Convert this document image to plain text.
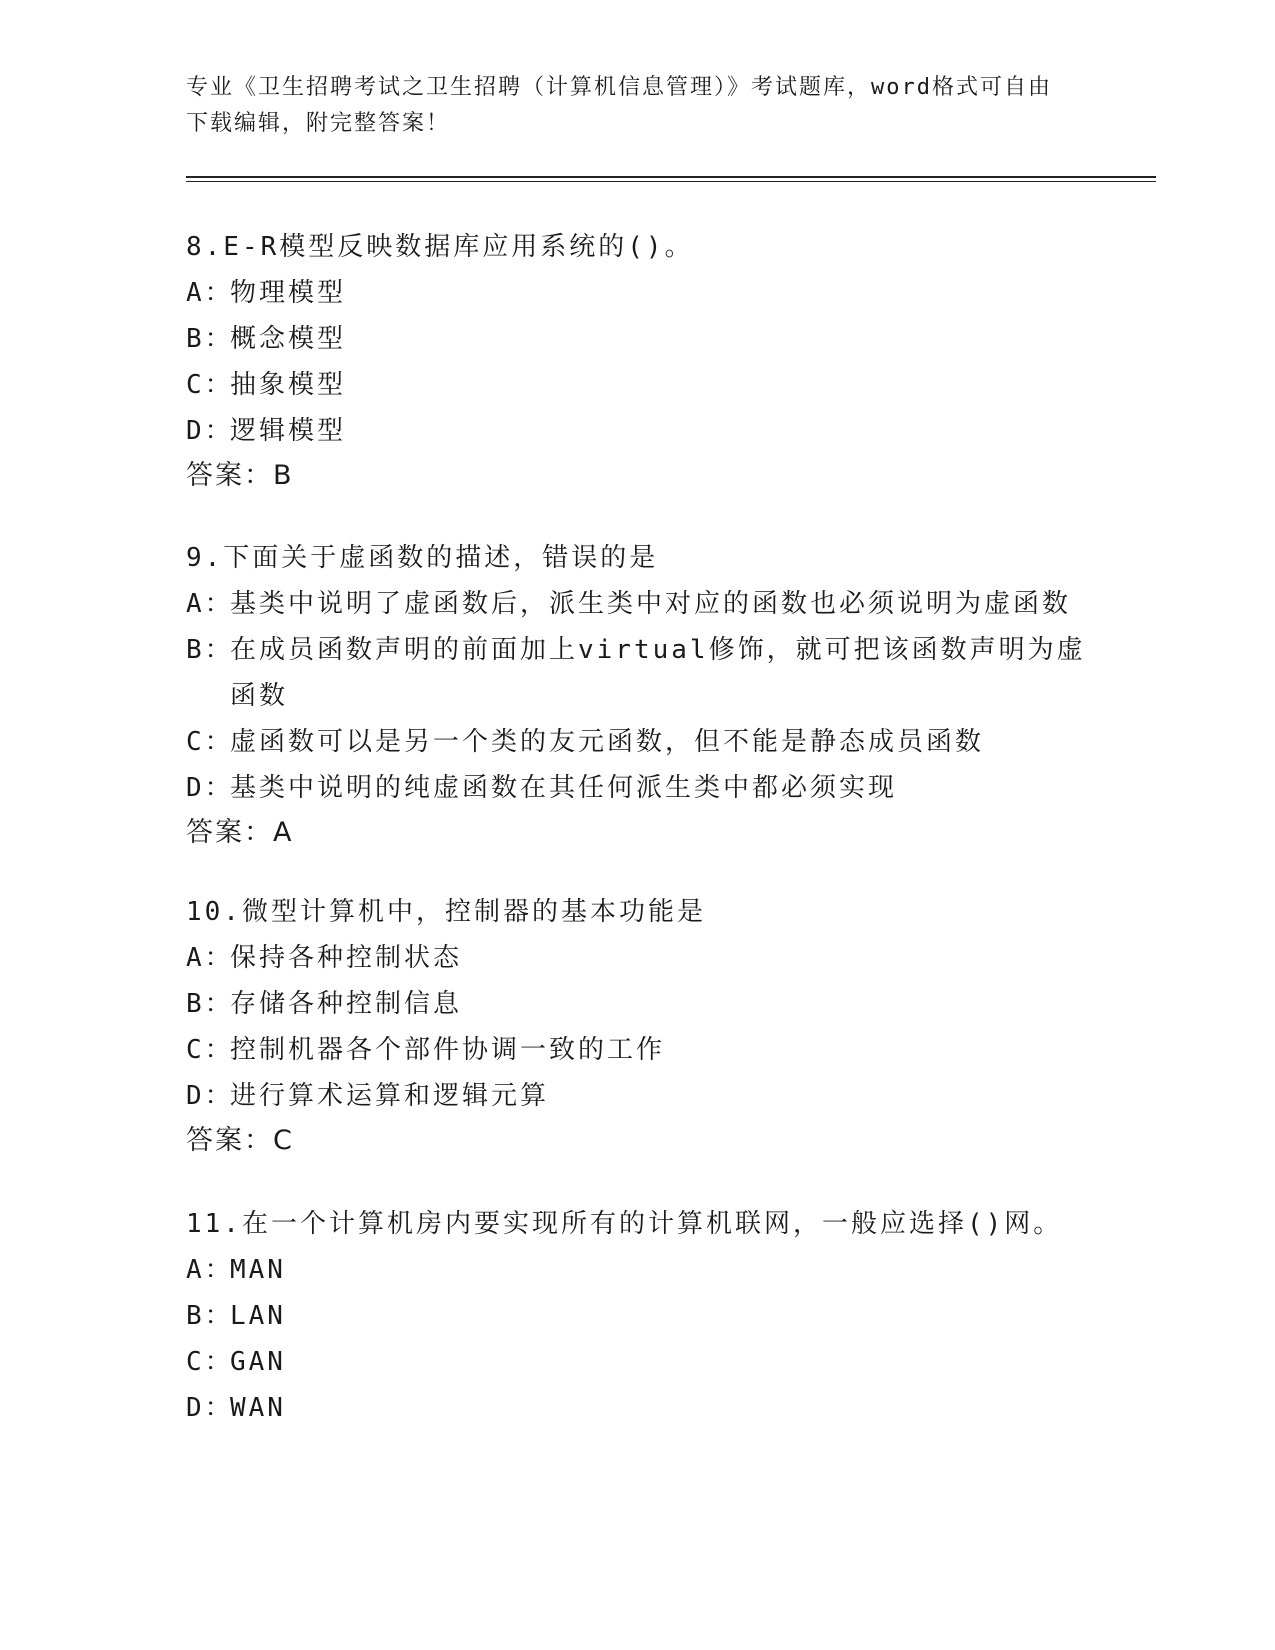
专业《卫生招聘考试之卫生招聘（计算机信息管理）》考试题库，word格式可自由下载编辑，附完整答案！
8.E-R模型反映数据库应用系统的()。
A：
物理模型
B：
概念模型
C：
抽象模型
D：
逻辑模型
答案：B
9.下面关于虚函数的描述，错误的是
A：
基类中说明了虚函数后，派生类中对应的函数也必须说明为虚函数
B：
在成员函数声明的前面加上virtual修饰，就可把该函数声明为虚函数
C：
虚函数可以是另一个类的友元函数，但不能是静态成员函数
D：
基类中说明的纯虚函数在其任何派生类中都必须实现
答案：A
10.微型计算机中，控制器的基本功能是
A：
保持各种控制状态
B：
存储各种控制信息
C：
控制机器各个部件协调一致的工作
D：
进行算术运算和逻辑元算
答案：C
11.在一个计算机房内要实现所有的计算机联网，一般应选择()网。
A：
MAN
B：
LAN
C：
GAN
D：
WAN
